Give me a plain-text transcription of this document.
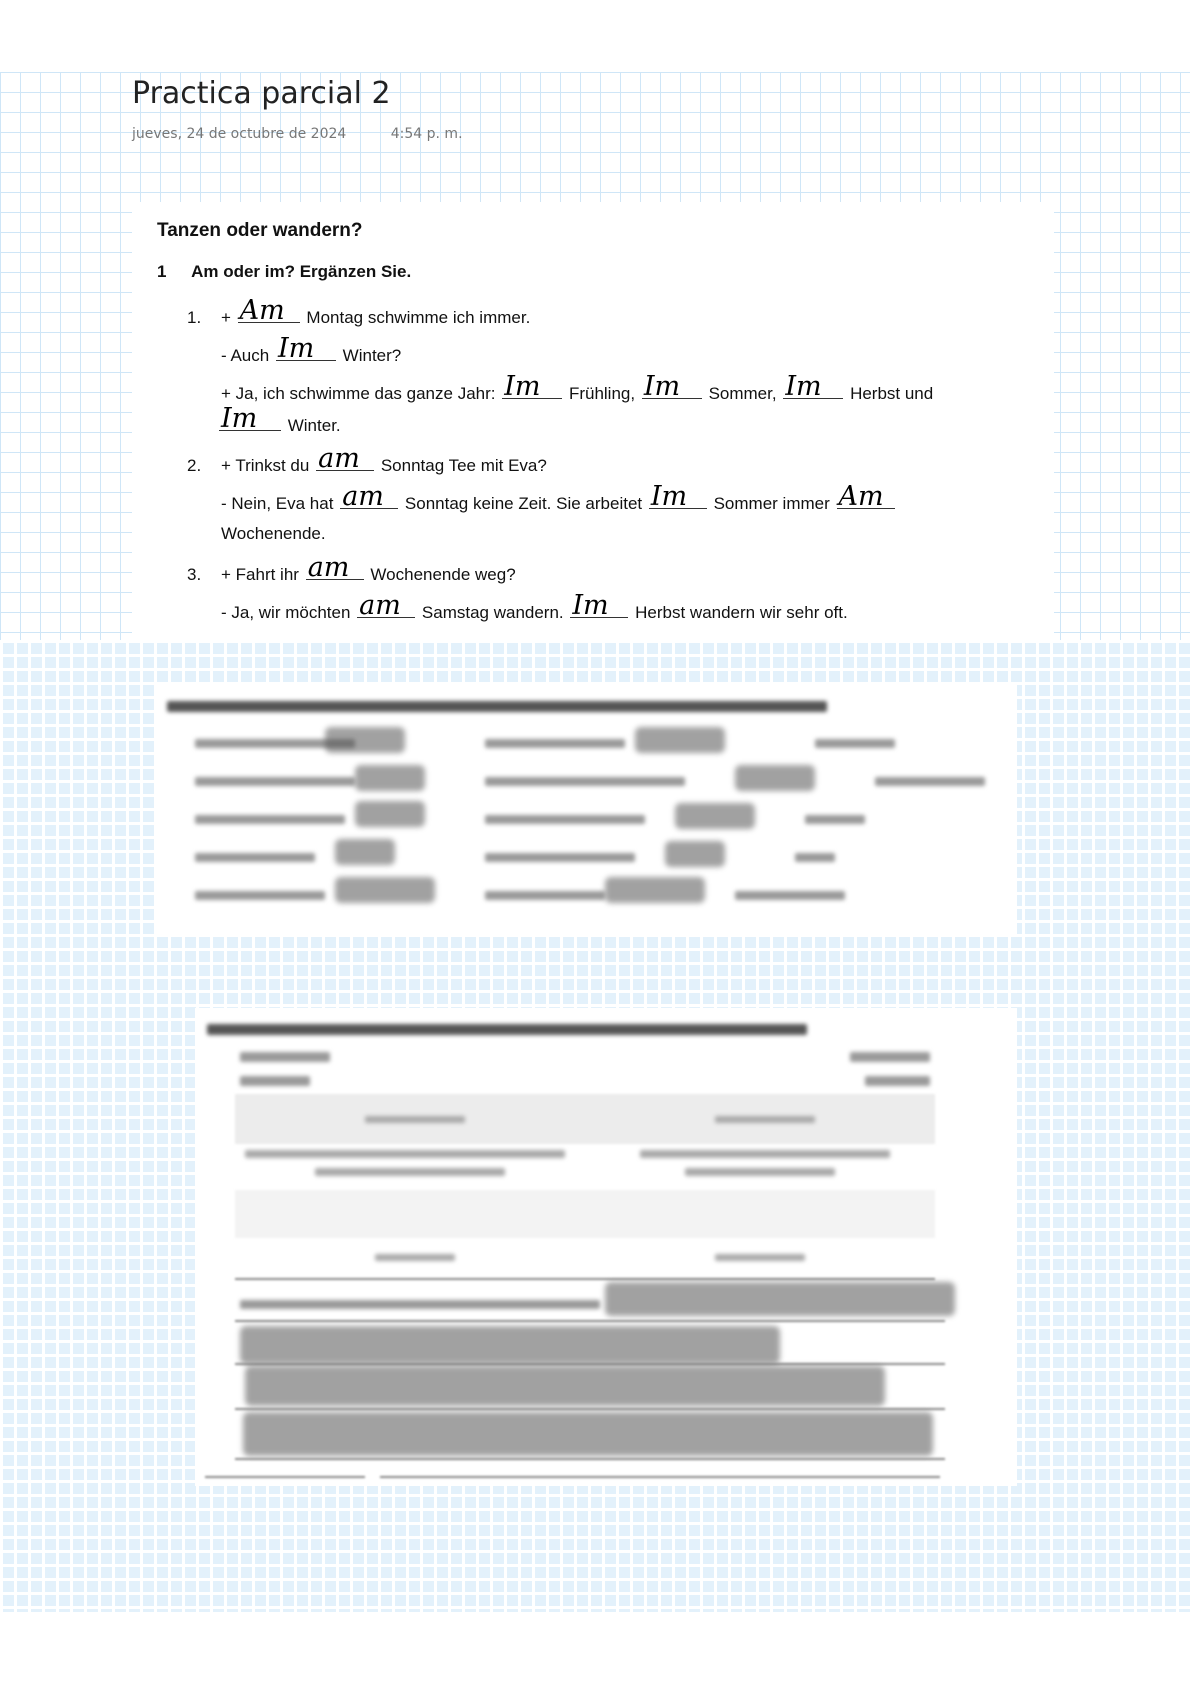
Practica parcial 2
jueves, 24 de octubre de 2024	4:54 p. m.
Tanzen oder wandern?
1 Am oder im? Ergänzen Sie.
1. + Am Montag schwimme ich immer.
- Auch Im Winter?
+ Ja, ich schwimme das ganze Jahr: Im Frühling, Im Sommer, Im Herbst und
Im Winter.
2. + Trinkst du am Sonntag Tee mit Eva?
- Nein, Eva hat am Sonntag keine Zeit. Sie arbeitet Im Sommer immer Am
Wochenende.
3. + Fahrt ihr am Wochenende weg?
- Ja, wir möchten am Samstag wandern. Im Herbst wandern wir sehr oft.
